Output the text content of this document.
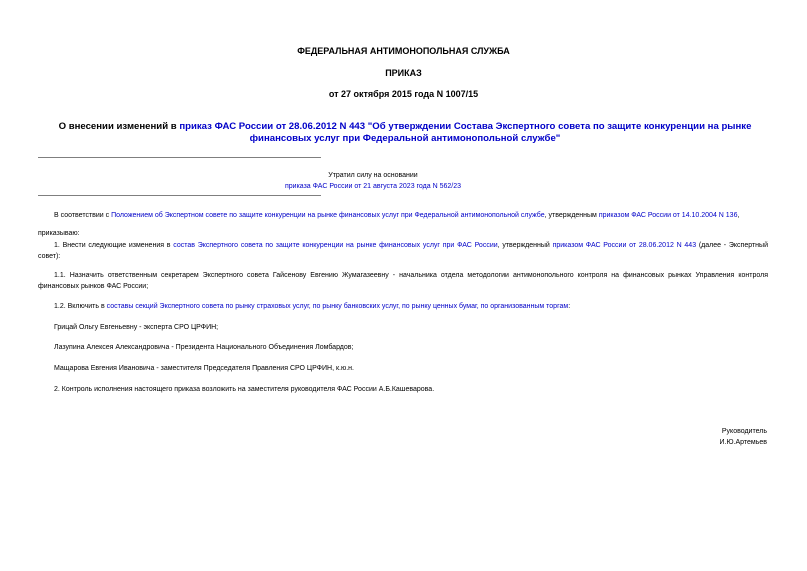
ФЕДЕРАЛЬНАЯ АНТИМОНОПОЛЬНАЯ СЛУЖБА
ПРИКАЗ
от 27 октября 2015 года N 1007/15
О внесении изменений в приказ ФАС России от 28.06.2012 N 443 "Об утверждении Состава Экспертного совета по защите конкуренции на рынке финансовых услуг при Федеральной антимонопольной службе"
Утратил силу на основании
приказа ФАС России от 21 августа 2023 года N 562/23
В соответствии с Положением об Экспертном совете по защите конкуренции на рынке финансовых услуг при Федеральной антимонопольной службе, утвержденным приказом ФАС России от 14.10.2004 N 136,
приказываю:
1. Внести следующие изменения в состав Экспертного совета по защите конкуренции на рынке финансовых услуг при ФАС России, утвержденный приказом ФАС России от 28.06.2012 N 443 (далее - Экспертный совет):
1.1. Назначить ответственным секретарем Экспертного совета Гайсенову Евгению Жумагазеевну - начальника отдела методологии антимонопольного контроля на финансовых рынках Управления контроля финансовых рынков ФАС России;
1.2. Включить в составы секций Экспертного совета по рынку страховых услуг, по рынку банковских услуг, по рынку ценных бумаг, по организованным торгам:
Грицай Ольгу Евгеньевну - эксперта СРО ЦРФИН;
Лазупина Алексея Александровича - Президента Национального Объединения Ломбардов;
Мащарова Евгения Ивановича - заместителя Председателя Правления СРО ЦРФИН, к.ю.н.
2. Контроль исполнения настоящего приказа возложить на заместителя руководителя ФАС России А.Б.Кашеварова.
Руководитель
И.Ю.Артемьев
